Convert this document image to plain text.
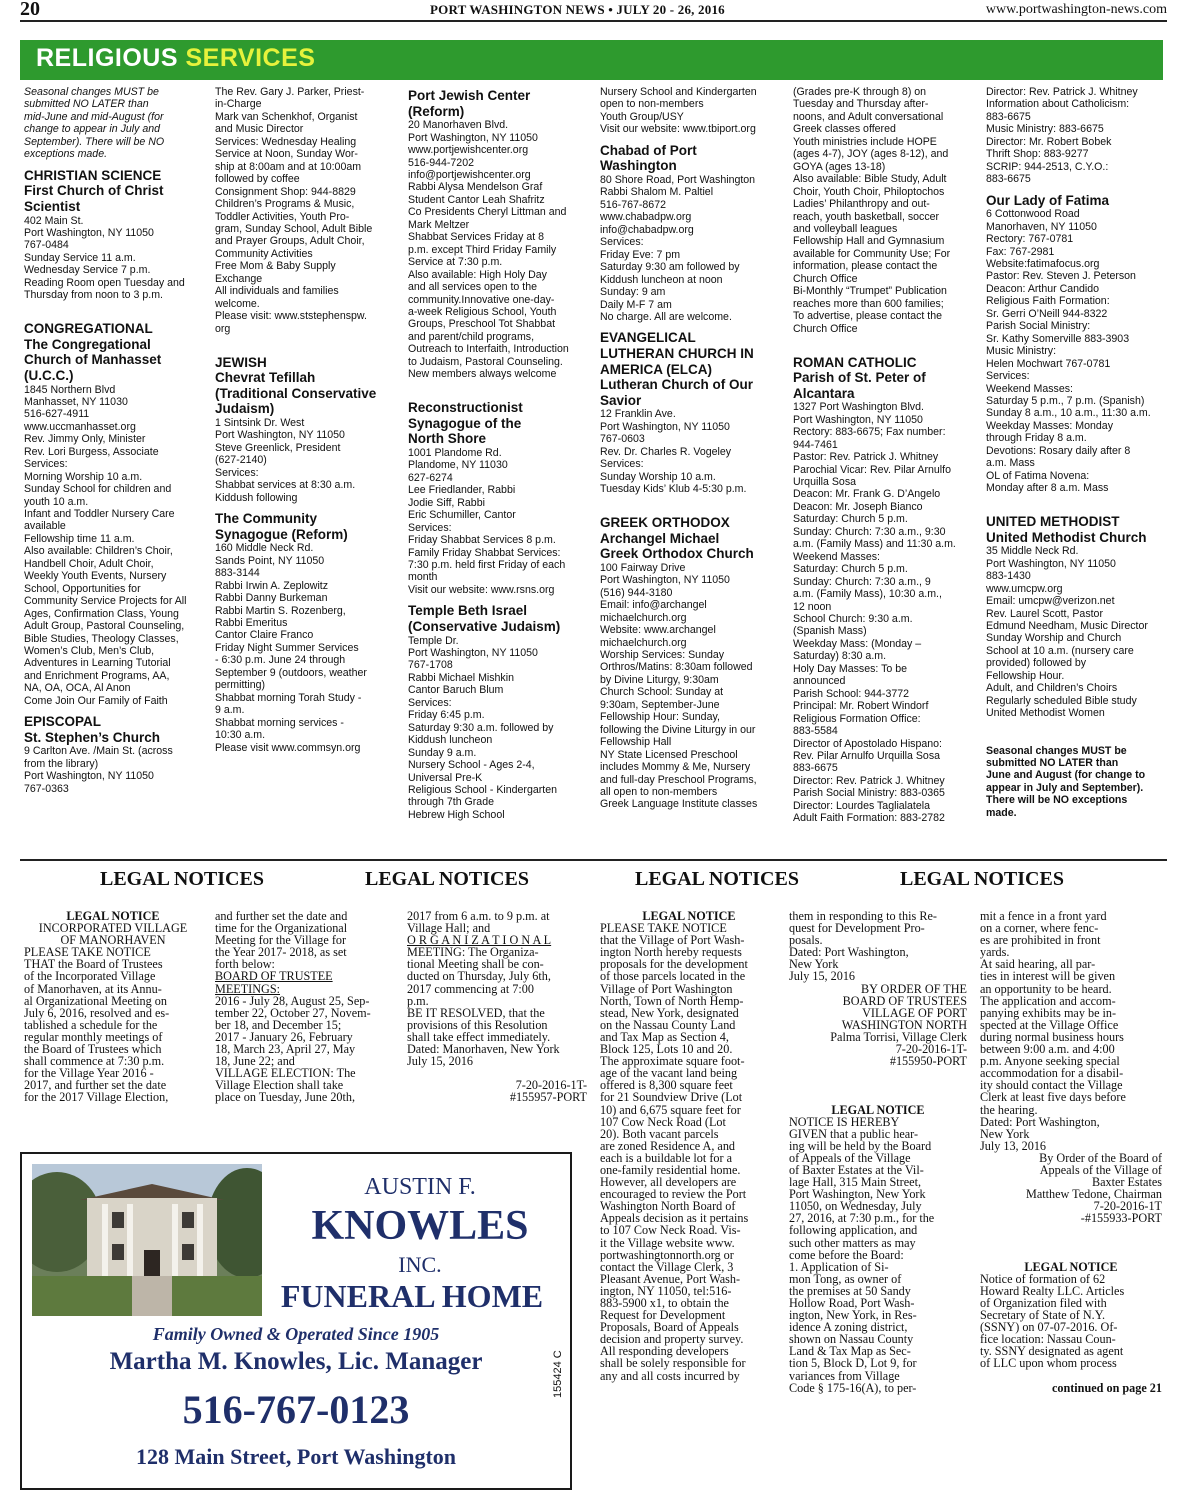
20	PORT WASHINGTON NEWS • JULY 20 - 26, 2016	www.portwashington-news.com
RELIGIOUS SERVICES
Seasonal changes MUST be
submitted NO LATER than
mid-June and mid-August (for
change to appear in July and
September). There will be NO
exceptions made.
CHRISTIAN SCIENCE
First Church of Christ
Scientist
402 Main St.
Port Washington, NY 11050
767-0484
Sunday Service 11 a.m.
Wednesday Service 7 p.m.
Reading Room open Tuesday and
Thursday from noon to 3 p.m.

CONGREGATIONAL
The Congregational
Church of Manhasset
(U.C.C.)
1845 Northern Blvd
Manhasset, NY 11030
516-627-4911
www.uccmanhasset.org
Rev. Jimmy Only, Minister
Rev. Lori Burgess, Associate
Services:
Morning Worship 10 a.m.
Sunday School for children and
youth 10 a.m.
Infant and Toddler Nursery Care
available
Fellowship time 11 a.m.
Also available: Children’s Choir,
Handbell Choir, Adult Choir,
Weekly Youth Events, Nursery
School, Opportunities for
Community Service Projects for All
Ages, Confirmation Class, Young
Adult Group, Pastoral Counseling,
Bible Studies, Theology Classes,
Women’s Club, Men’s Club,
Adventures in Learning Tutorial
and Enrichment Programs, AA,
NA, OA, OCA, Al Anon
Come Join Our Family of Faith
EPISCOPAL
St. Stephen’s Church
9 Carlton Ave. /Main St. (across
from the library)
Port Washington, NY 11050
767-0363
The Rev. Gary J. Parker, Priest-
in-Charge
Mark van Schenkhof, Organist
and Music Director
Services: Wednesday Healing
Service at Noon, Sunday Wor-
ship at 8:00am and at 10:00am
followed by coffee
Consignment Shop: 944-8829
Children’s Programs & Music,
Toddler Activities, Youth Pro-
gram, Sunday School, Adult Bible
and Prayer Groups, Adult Choir,
Community Activities
Free Mom & Baby Supply
Exchange
All individuals and families
welcome.
Please visit: www.ststephenspw.
org

JEWISH
Chevrat Tefillah
(Traditional Conservative
Judaism)
1 Sintsink Dr. West
Port Washington, NY 11050
Steve Greenlick, President
(627-2140)
Services:
Shabbat services at 8:30 a.m.
Kiddush following
The Community
Synagogue (Reform)
160 Middle Neck Rd.
Sands Point, NY 11050
883-3144
Rabbi Irwin A. Zeplowitz
Rabbi Danny Burkeman
Rabbi Martin S. Rozenberg,
Rabbi Emeritus
Cantor Claire Franco
Friday Night Summer Services
- 6:30 p.m. June 24 through
September 9 (outdoors, weather
permitting)
Shabbat morning Torah Study -
9 a.m.
Shabbat morning services -
10:30 a.m.
Please visit www.commsyn.org
Port Jewish Center
(Reform)
20 Manorhaven Blvd.
Port Washington, NY 11050
www.portjewishcenter.org
516-944-7202
info@portjewishcenter.org
Rabbi Alysa Mendelson Graf
Student Cantor Leah Shafritz
Co Presidents Cheryl Littman and
Mark Meltzer
Shabbat Services Friday at 8
p.m. except Third Friday Family
Service at 7:30 p.m.
Also available: High Holy Day
and all services open to the
community.Innovative one-day-
a-week Religious School, Youth
Groups, Preschool Tot Shabbat
and parent/child programs,
Outreach to Interfaith, Introduction
to Judaism, Pastoral Counseling.
New members always welcome

Reconstructionist
Synagogue of the
North Shore
1001 Plandome Rd.
Plandome, NY 11030
627-6274
Lee Friedlander, Rabbi
Jodie Siff, Rabbi
Eric Schumiller, Cantor
Services:
Friday Shabbat Services 8 p.m.
Family Friday Shabbat Services:
7:30 p.m. held first Friday of each
month
Visit our website: www.rsns.org
Temple Beth Israel
(Conservative Judaism)
Temple Dr.
Port Washington, NY 11050
767-1708
Rabbi Michael Mishkin
Cantor Baruch Blum
Services:
Friday 6:45 p.m.
Saturday 9:30 a.m. followed by
Kiddush luncheon
Sunday 9 a.m.
Nursery School - Ages 2-4,
Universal Pre-K
Religious School - Kindergarten
through 7th Grade
Hebrew High School
Nursery School and Kindergarten
open to non-members
Youth Group/USY
Visit our website: www.tbiport.org
Chabad of Port
Washington
80 Shore Road, Port Washington
Rabbi Shalom M. Paltiel
516-767-8672
www.chabadpw.org
info@chabadpw.org
Services:
Friday Eve: 7 pm
Saturday 9:30 am followed by
Kiddush luncheon at noon
Sunday: 9 am
Daily M-F 7 am
No charge. All are welcome.
EVANGELICAL
LUTHERAN CHURCH IN
AMERICA (ELCA)
Lutheran Church of Our
Savior
12 Franklin Ave.
Port Washington, NY 11050
767-0603
Rev. Dr. Charles R. Vogeley
Services:
Sunday Worship 10 a.m.
Tuesday Kids’ Klub 4-5:30 p.m.

GREEK ORTHODOX
Archangel Michael
Greek Orthodox Church
100 Fairway Drive
Port Washington, NY 11050
(516) 944-3180
Email: info@archangel
michaelchurch.org
Website: www.archangel
michaelchurch.org
Worship Services: Sunday
Orthros/Matins: 8:30am followed
by Divine Liturgy, 9:30am
Church School: Sunday at
9:30am, September-June
Fellowship Hour: Sunday,
following the Divine Liturgy in our
Fellowship Hall
NY State Licensed Preschool
includes Mommy & Me, Nursery
and full-day Preschool Programs,
all open to non-members
Greek Language Institute classes
(Grades pre-K through 8) on
Tuesday and Thursday after-
noons, and Adult conversational
Greek classes offered
Youth ministries include HOPE
(ages 4-7), JOY (ages 8-12), and
GOYA (ages 13-18)
Also available: Bible Study, Adult
Choir, Youth Choir, Philoptochos
Ladies’ Philanthropy and out-
reach, youth basketball, soccer
and volleyball leagues
Fellowship Hall and Gymnasium
available for Community Use; For
information, please contact the
Church Office
Bi-Monthly “Trumpet” Publication
reaches more than 600 families;
To advertise, please contact the
Church Office

ROMAN CATHOLIC
Parish of St. Peter of
Alcantara
1327 Port Washington Blvd.
Port Washington, NY 11050
Rectory: 883-6675; Fax number:
944-7461
Pastor: Rev. Patrick J. Whitney
Parochial Vicar: Rev. Pilar Arnulfo
Urquilla Sosa
Deacon: Mr. Frank G. D’Angelo
Deacon: Mr. Joseph Bianco
Saturday: Church 5 p.m.
Sunday: Church: 7:30 a.m., 9:30
a.m. (Family Mass) and 11:30 a.m.
Weekend Masses:
Saturday: Church 5 p.m.
Sunday: Church: 7:30 a.m., 9
a.m. (Family Mass), 10:30 a.m.,
12 noon
School Church: 9:30 a.m.
(Spanish Mass)
Weekday Mass: (Monday –
Saturday) 8:30 a.m.
Holy Day Masses: To be
announced
Parish School: 944-3772
Principal: Mr. Robert Windorf
Religious Formation Office:
883-5584
Director of Apostolado Hispano:
Rev. Pilar Arnulfo Urquilla Sosa
883-6675
Director: Rev. Patrick J. Whitney
Parish Social Ministry: 883-0365
Director: Lourdes Taglialatela
Adult Faith Formation: 883-2782
Director: Rev. Patrick J. Whitney
Information about Catholicism:
883-6675
Music Ministry: 883-6675
Director: Mr. Robert Bobek
Thrift Shop: 883-9277
SCRIP: 944-2513, C.Y.O.:
883-6675
Our Lady of Fatima
6 Cottonwood Road
Manorhaven, NY 11050
Rectory: 767-0781
Fax: 767-2981
Website:fatimafocus.org
Pastor: Rev. Steven J. Peterson
Deacon: Arthur Candido
Religious Faith Formation:
Sr. Gerri O’Neill 944-8322
Parish Social Ministry:
Sr. Kathy Somerville 883-3903
Music Ministry:
Helen Mochwart 767-0781
Services:
Weekend Masses:
Saturday 5 p.m., 7 p.m. (Spanish)
Sunday 8 a.m., 10 a.m., 11:30 a.m.
Weekday Masses: Monday
through Friday 8 a.m.
Devotions: Rosary daily after 8
a.m. Mass
OL of Fatima Novena:
Monday after 8 a.m. Mass

UNITED METHODIST
United Methodist Church
35 Middle Neck Rd.
Port Washington, NY 11050
883-1430
www.umcpw.org
Email: umcpw@verizon.net
Rev. Laurel Scott, Pastor
Edmund Needham, Music Director
Sunday Worship and Church
School at 10 a.m. (nursery care
provided) followed by
Fellowship Hour.
Adult, and Children’s Choirs
Regularly scheduled Bible study
United Methodist Women

Seasonal changes MUST be
submitted NO LATER than
June and August (for change to
appear in July and September).
There will be NO exceptions
made.
LEGAL NOTICES	LEGAL NOTICES	LEGAL NOTICES	LEGAL NOTICES
LEGAL NOTICE
INCORPORATED VILLAGE
OF MANORHAVEN
PLEASE TAKE NOTICE
THAT the Board of Trustees
of the Incorporated Village
of Manorhaven, at its Annu-
al Organizational Meeting on
July 6, 2016, resolved and es-
tablished a schedule for the
regular monthly meetings of
the Board of Trustees which
shall commence at 7:30 p.m.
for the Village Year 2016 -
2017, and further set the date
for the 2017 Village Election,
and further set the date and
time for the Organizational
Meeting for the Village for
the Year 2017- 2018, as set
forth below:
BOARD OF TRUSTEE
MEETINGS:
2016 - July 28, August 25, Sep-
tember 22, October 27, Novem-
ber 18, and December 15;
2017 - January 26, February
18, March 23, April 27, May
18, June 22; and
VILLAGE ELECTION: The
Village Election shall take
place on Tuesday, June 20th,
2017 from 6 a.m. to 9 p.m. at
Village Hall; and
O R G A N I Z A T I O N A L
MEETING: The Organiza-
tional Meeting shall be con-
ducted on Thursday, July 6th,
2017 commencing at 7:00
p.m.
BE IT RESOLVED, that the
provisions of this Resolution
shall take effect immediately.
Dated: Manorhaven, New York
July 15, 2016

7-20-2016-1T-
#155957-PORT
LEGAL NOTICE
PLEASE TAKE NOTICE
that the Village of Port Wash-
ington North hereby requests
proposals for the development
of those parcels located in the
Village of Port Washington
North, Town of North Hemp-
stead, New York, designated
on the Nassau County Land
and Tax Map as Section 4,
Block 125, Lots 10 and 20.
The approximate square foot-
age of the vacant land being
offered is 8,300 square feet
for 21 Soundview Drive (Lot
10) and 6,675 square feet for
107 Cow Neck Road (Lot
20). Both vacant parcels
are zoned Residence A, and
each is a buildable lot for a
one-family residential home.
However, all developers are
encouraged to review the Port
Washington North Board of
Appeals decision as it pertains
to 107 Cow Neck Road. Vis-
it the Village website www.
portwashingtonnorth.org or
contact the Village Clerk, 3
Pleasant Avenue, Port Wash-
ington, NY 11050, tel:516-
883-5900 x1, to obtain the
Request for Development
Proposals, Board of Appeals
decision and property survey.
All responding developers
shall be solely responsible for
any and all costs incurred by
them in responding to this Re-
quest for Development Pro-
posals.
Dated: Port Washington,
New York
July 15, 2016
BY ORDER OF THE
BOARD OF TRUSTEES
VILLAGE OF PORT
WASHINGTON NORTH
Palma Torrisi, Village Clerk
7-20-2016-1T-
#155950-PORT

LEGAL NOTICE
NOTICE IS HEREBY
GIVEN that a public hear-
ing will be held by the Board
of Appeals of the Village
of Baxter Estates at the Vil-
lage Hall, 315 Main Street,
Port Washington, New York
11050, on Wednesday, July
27, 2016, at 7:30 p.m., for the
following application, and
such other matters as may
come before the Board:
1. Application of Si-
mon Tong, as owner of
the premises at 50 Sandy
Hollow Road, Port Wash-
ington, New York, in Res-
idence A zoning district,
shown on Nassau County
Land & Tax Map as Sec-
tion 5, Block D, Lot 9, for
variances from Village
Code § 175-16(A), to per-
mit a fence in a front yard
on a corner, where fenc-
es are prohibited in front
yards.
At said hearing, all par-
ties in interest will be given
an opportunity to be heard.
The application and accom-
panying exhibits may be in-
spected at the Village Office
during normal business hours
between 9:00 a.m. and 4:00
p.m. Anyone seeking special
accommodation for a disabil-
ity should contact the Village
Clerk at least five days before
the hearing.
Dated: Port Washington,
New York
July 13, 2016
By Order of the Board of
Appeals of the Village of
Baxter Estates
Matthew Tedone, Chairman
7-20-2016-1T
-#155933-PORT

LEGAL NOTICE
Notice of formation of 62
Howard Realty LLC. Articles
of Organization filed with
Secretary of State of N.Y.
(SSNY) on 07-07-2016. Of-
fice location: Nassau Coun-
ty. SSNY designated as agent
of LLC upon whom process

continued on page 21
AUSTIN F.
KNOWLES
INC.
FUNERAL HOME
Family Owned & Operated Since 1905
Martha M. Knowles, Lic. Manager
516-767-0123
128 Main Street, Port Washington
155424 C
